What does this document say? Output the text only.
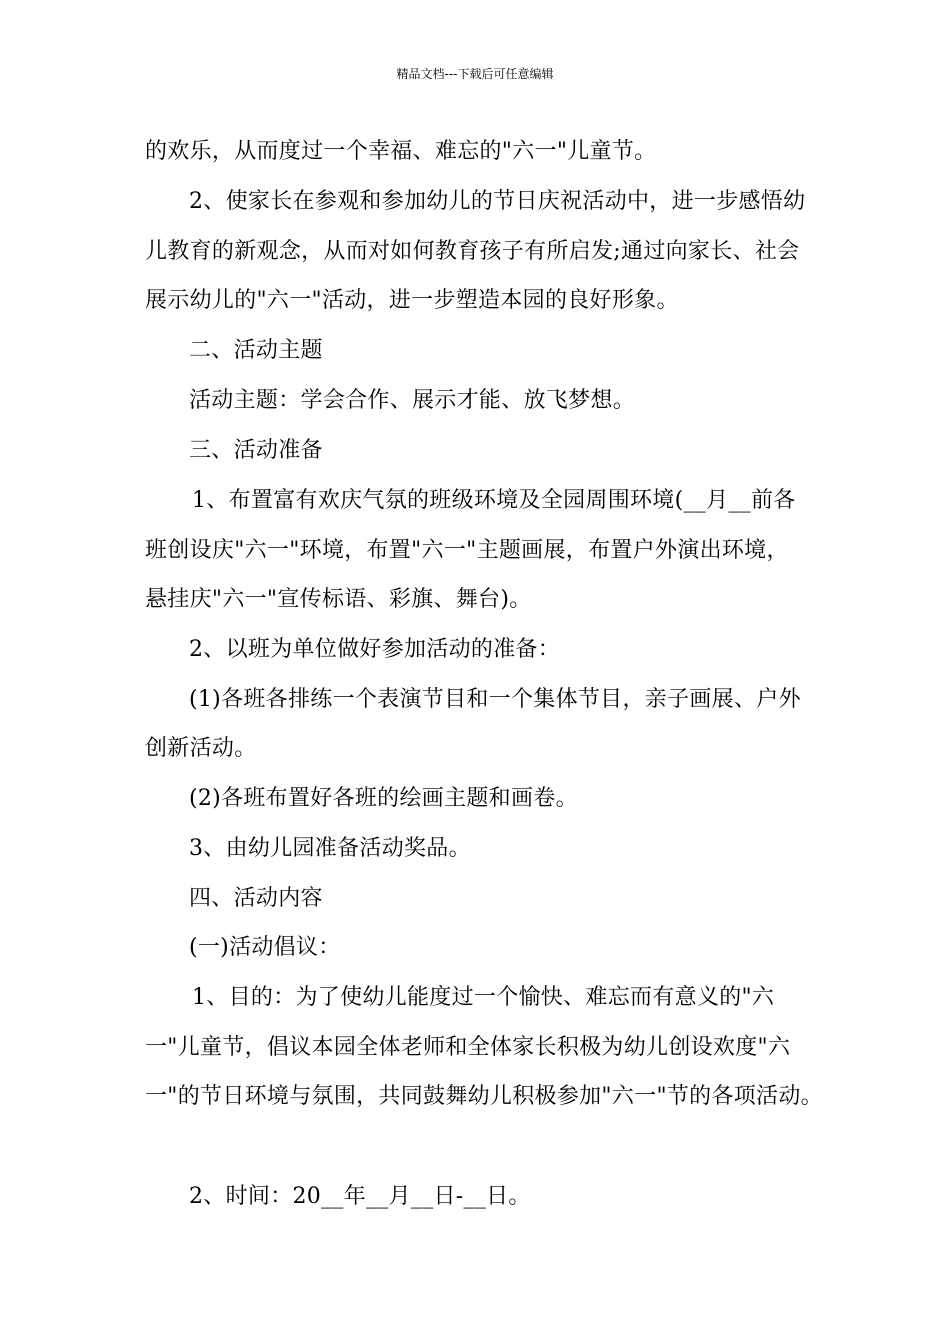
精品文档---下载后可任意编辑
的欢乐，从而度过一个幸福、难忘的"六一"儿童节。
2、使家长在参观和参加幼儿的节日庆祝活动中，进一步感悟幼
儿教育的新观念，从而对如何教育孩子有所启发;通过向家长、社会
展示幼儿的"六一"活动，进一步塑造本园的良好形象。
二、活动主题
活动主题：学会合作、展示才能、放飞梦想。
三、活动准备
1、布置富有欢庆气氛的班级环境及全园周围环境(__月__前各
班创设庆"六一"环境，布置"六一"主题画展，布置户外演出环境，
悬挂庆"六一"宣传标语、彩旗、舞台)。
2、以班为单位做好参加活动的准备：
(1)各班各排练一个表演节目和一个集体节目，亲子画展、户外
创新活动。
(2)各班布置好各班的绘画主题和画卷。
3、由幼儿园准备活动奖品。
四、活动内容
(一)活动倡议：
1、目的：为了使幼儿能度过一个愉快、难忘而有意义的"六
一"儿童节，倡议本园全体老师和全体家长积极为幼儿创设欢度"六
一"的节日环境与氛围，共同鼓舞幼儿积极参加"六一"节的各项活动。
2、时间：20__年__月__日-__日。
